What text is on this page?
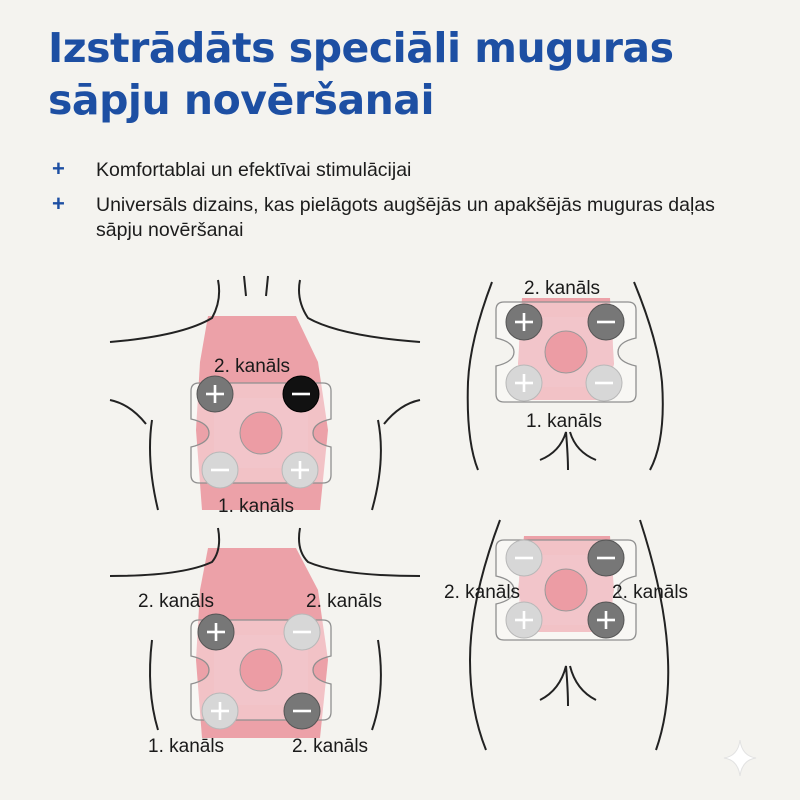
Izstrādāts speciāli muguras sāpju novēršanai
+ Komfortablai un efektīvai stimulācijai
+ Universāls dizains, kas pielāgots augšējās un apakšējās muguras daļas sāpju novēršanai
2. kanāls
1. kanāls
2. kanāls	2. kanāls
1. kanāls	2. kanāls
2. kanāls
1. kanāls
2. kanāls	2. kanāls
